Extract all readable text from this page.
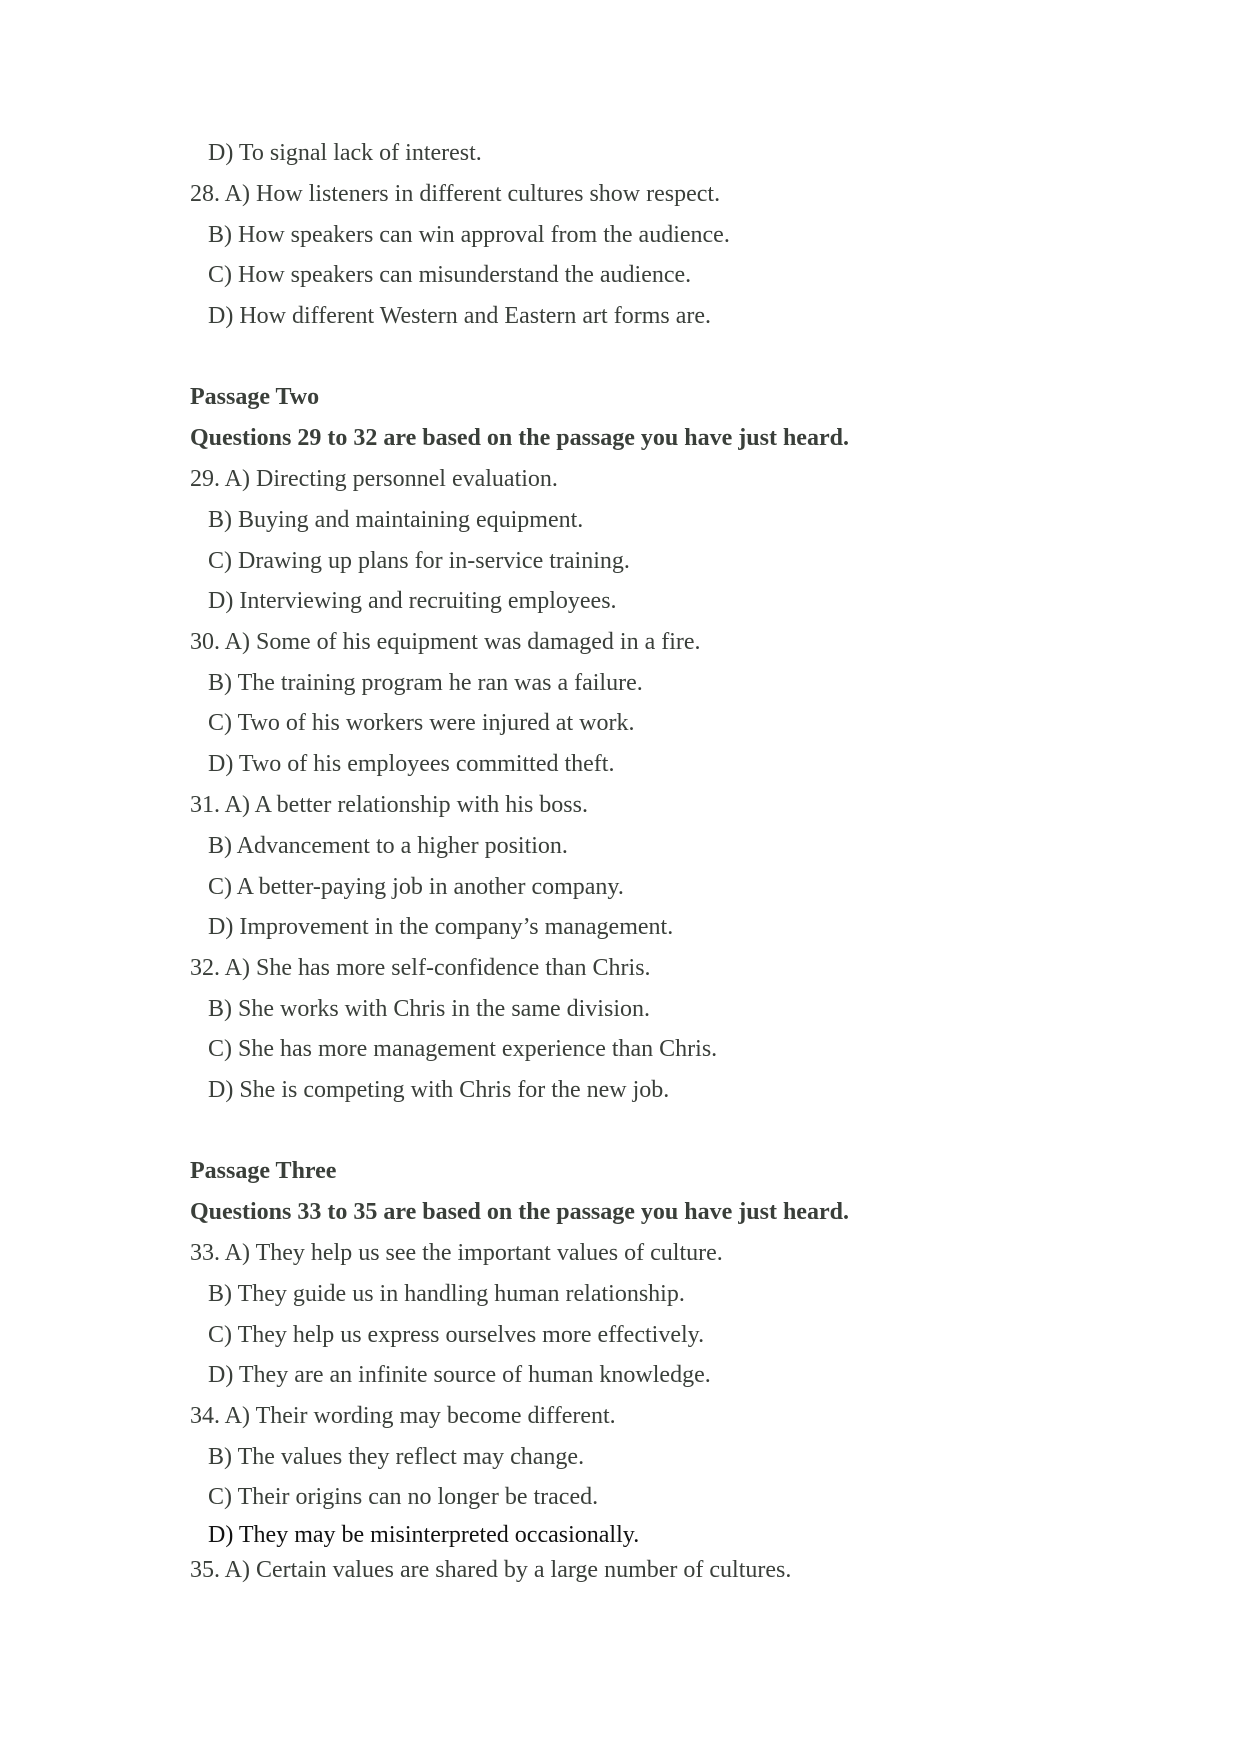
D) To signal lack of interest.
28. A) How listeners in different cultures show respect.
B) How speakers can win approval from the audience.
C) How speakers can misunderstand the audience.
D) How different Western and Eastern art forms are.
Passage Two
Questions 29 to 32 are based on the passage you have just heard.
29. A) Directing personnel evaluation.
B) Buying and maintaining equipment.
C) Drawing up plans for in-service training.
D) Interviewing and recruiting employees.
30. A) Some of his equipment was damaged in a fire.
B) The training program he ran was a failure.
C) Two of his workers were injured at work.
D) Two of his employees committed theft.
31. A) A better relationship with his boss.
B) Advancement to a higher position.
C) A better-paying job in another company.
D) Improvement in the company’s management.
32. A) She has more self-confidence than Chris.
B) She works with Chris in the same division.
C) She has more management experience than Chris.
D) She is competing with Chris for the new job.
Passage Three
Questions 33 to 35 are based on the passage you have just heard.
33. A) They help us see the important values of culture.
B) They guide us in handling human relationship.
C) They help us express ourselves more effectively.
D) They are an infinite source of human knowledge.
34. A) Their wording may become different.
B) The values they reflect may change.
C) Their origins can no longer be traced.
D) They may be misinterpreted occasionally.
35. A) Certain values are shared by a large number of cultures.
